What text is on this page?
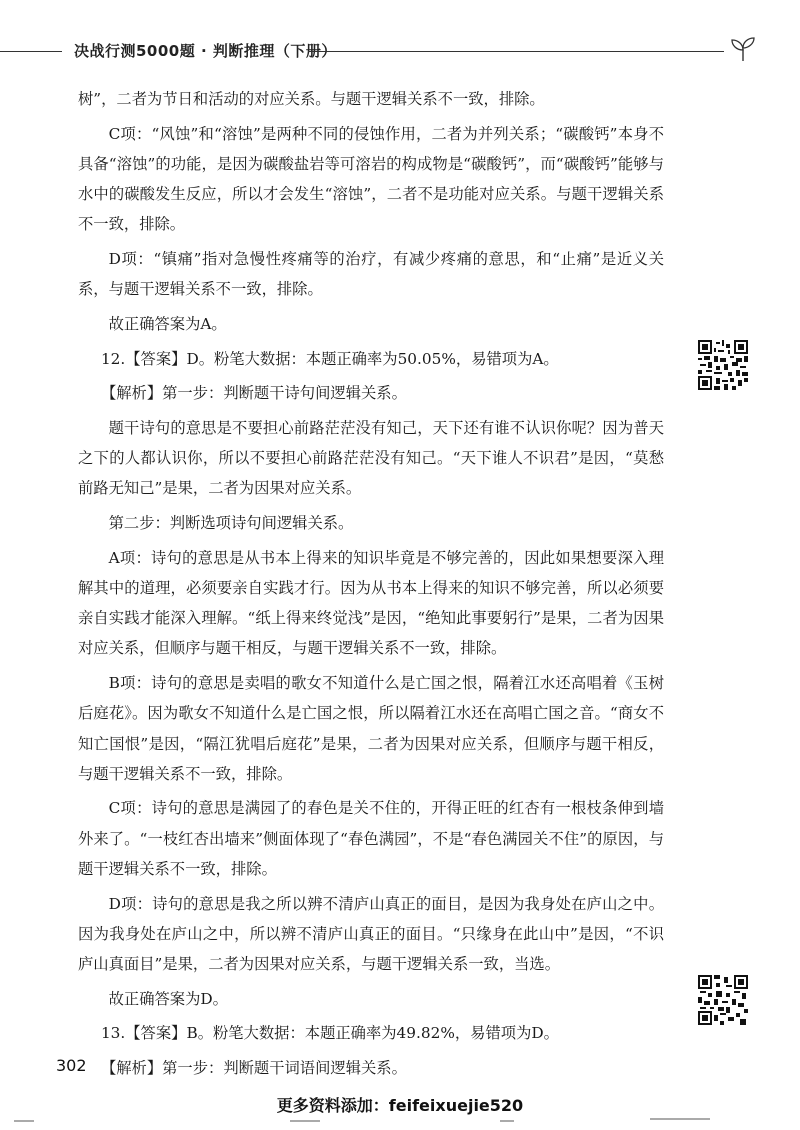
决战行测5000题 · 判断推理（下册）

树”，二者为节日和活动的对应关系。与题干逻辑关系不一致，排除。

C项：“风蚀”和“溶蚀”是两种不同的侵蚀作用，二者为并列关系；“碳酸钙”本身不具备“溶蚀”的功能，是因为碳酸盐岩等可溶岩的构成物是“碳酸钙”，而“碳酸钙”能够与水中的碳酸发生反应，所以才会发生“溶蚀”，二者不是功能对应关系。与题干逻辑关系不一致，排除。

D项：“镇痛”指对急慢性疼痛等的治疗，有减少疼痛的意思，和“止痛”是近义关系，与题干逻辑关系不一致，排除。

故正确答案为A。

12.【答案】D。粉笔大数据：本题正确率为50.05%，易错项为A。

【解析】第一步：判断题干诗句间逻辑关系。

题干诗句的意思是不要担心前路茫茫没有知己，天下还有谁不认识你呢？因为普天之下的人都认识你，所以不要担心前路茫茫没有知己。“天下谁人不识君”是因，“莫愁前路无知己”是果，二者为因果对应关系。

第二步：判断选项诗句间逻辑关系。

A项：诗句的意思是从书本上得来的知识毕竟是不够完善的，因此如果想要深入理解其中的道理，必须要亲自实践才行。因为从书本上得来的知识不够完善，所以必须要亲自实践才能深入理解。“纸上得来终觉浅”是因，“绝知此事要躬行”是果，二者为因果对应关系，但顺序与题干相反，与题干逻辑关系不一致，排除。

B项：诗句的意思是卖唱的歌女不知道什么是亡国之恨，隔着江水还高唱着《玉树后庭花》。因为歌女不知道什么是亡国之恨，所以隔着江水还在高唱亡国之音。“商女不知亡国恨”是因，“隔江犹唱后庭花”是果，二者为因果对应关系，但顺序与题干相反，与题干逻辑关系不一致，排除。

C项：诗句的意思是满园了的春色是关不住的，开得正旺的红杏有一根枝条伸到墙外来了。“一枝红杏出墙来”侧面体现了“春色满园”，不是“春色满园关不住”的原因，与题干逻辑关系不一致，排除。

D项：诗句的意思是我之所以辨不清庐山真正的面目，是因为我身处在庐山之中。因为我身处在庐山之中，所以辨不清庐山真正的面目。“只缘身在此山中”是因，“不识庐山真面目”是果，二者为因果对应关系，与题干逻辑关系一致，当选。

故正确答案为D。

13.【答案】B。粉笔大数据：本题正确率为49.82%，易错项为D。

【解析】第一步：判断题干词语间逻辑关系。

302
更多资料添加：feifeixuejie520
